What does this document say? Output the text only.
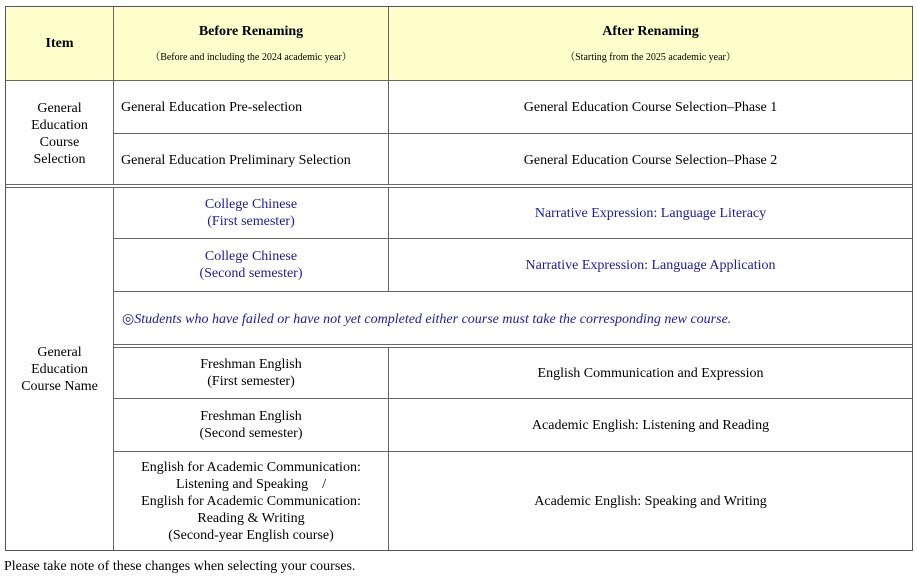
Item
Before Renaming
（Before and including the 2024 academic year）
After Renaming
（Starting from the 2025 academic year）
General Education Course Selection
General Education Pre-selection	General Education Course Selection–Phase 1
General Education Preliminary Selection	General Education Course Selection–Phase 2
General Education Course Name
College Chinese
(First semester)
Narrative Expression: Language Literacy
College Chinese
(Second semester)
Narrative Expression: Language Application
◎Students who have failed or have not yet completed either course must take the corresponding new course.
Freshman English
(First semester)
English Communication and Expression
Freshman English
(Second semester)
Academic English: Listening and Reading
English for Academic Communication:
Listening and Speaking　/
English for Academic Communication:
Reading & Writing
(Second-year English course)
Academic English: Speaking and Writing
Please take note of these changes when selecting your courses.
